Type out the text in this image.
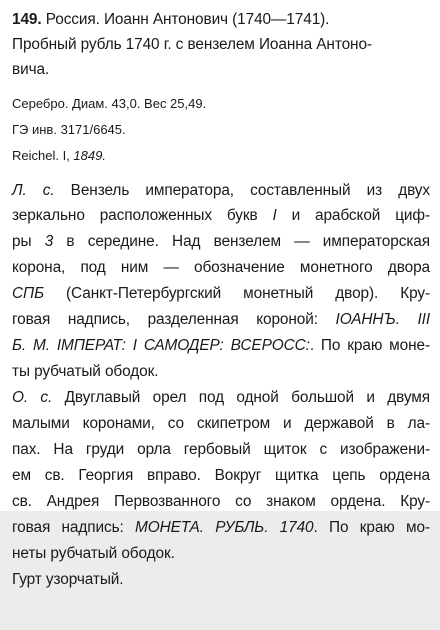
149. Россия. Иоанн Антонович (1740—1741).
Пробный рубль 1740 г. с вензелем Иоанна Антоно-
вича.
Серебро. Диам. 43,0. Вес 25,49.
ГЭ инв. 3171/6645.
Reichel. I, 1849.
Л. с. Вензель императора, составленный из двух
зеркально расположенных букв I и арабской циф-
ры 3 в середине. Над вензелем — императорская
корона, под ним — обозначение монетного двора
СПБ (Санкт-Петербургский монетный двор). Кру-
говая надпись, разделенная короной: IОАННЪ. III
Б. М. IМПЕРАТ: I САМОДЕР: ВСЕРОСС:. По краю моне-
ты рубчатый ободок.
О. с. Двуглавый орел под одной большой и двумя
малыми коронами, со скипетром и державой в ла-
пах. На груди орла гербовый щиток с изображени-
ем св. Георгия вправо. Вокруг щитка цепь ордена
св. Андрея Первозванного со знаком ордена. Кру-
говая надпись: МОНЕТА. РУБЛЬ. 1740. По краю мо-
неты рубчатый ободок.
Гурт узорчатый.
